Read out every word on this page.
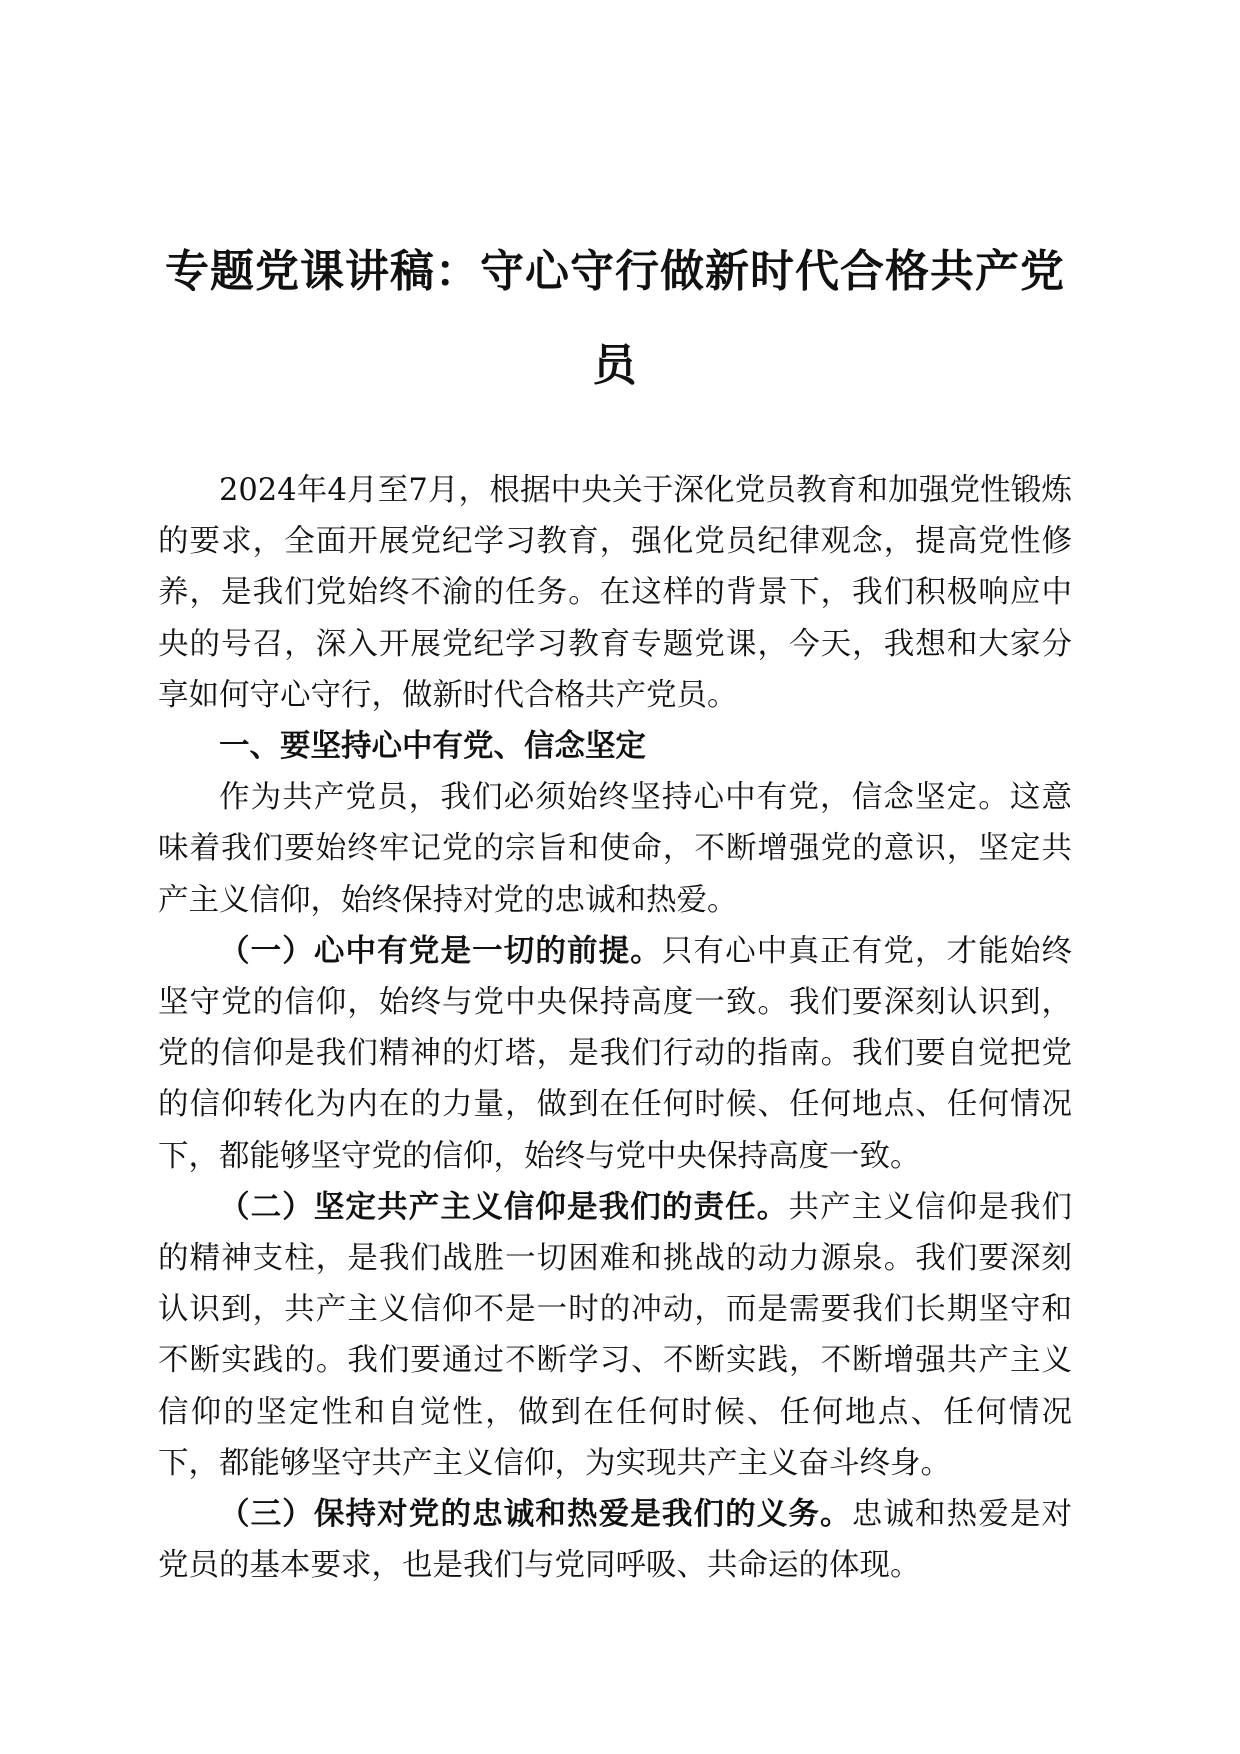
专题党课讲稿：守心守行做新时代合格共产党员

2024年4月至7月，根据中央关于深化党员教育和加强党性锻炼的要求，全面开展党纪学习教育，强化党员纪律观念，提高党性修养，是我们党始终不渝的任务。在这样的背景下，我们积极响应中央的号召，深入开展党纪学习教育专题党课，今天，我想和大家分享如何守心守行，做新时代合格共产党员。

一、要坚持心中有党、信念坚定

作为共产党员，我们必须始终坚持心中有党，信念坚定。这意味着我们要始终牢记党的宗旨和使命，不断增强党的意识，坚定共产主义信仰，始终保持对党的忠诚和热爱。

（一）心中有党是一切的前提。只有心中真正有党，才能始终坚守党的信仰，始终与党中央保持高度一致。我们要深刻认识到，党的信仰是我们精神的灯塔，是我们行动的指南。我们要自觉把党的信仰转化为内在的力量，做到在任何时候、任何地点、任何情况下，都能够坚守党的信仰，始终与党中央保持高度一致。

（二）坚定共产主义信仰是我们的责任。共产主义信仰是我们的精神支柱，是我们战胜一切困难和挑战的动力源泉。我们要深刻认识到，共产主义信仰不是一时的冲动，而是需要我们长期坚守和不断实践的。我们要通过不断学习、不断实践，不断增强共产主义信仰的坚定性和自觉性，做到在任何时候、任何地点、任何情况下，都能够坚守共产主义信仰，为实现共产主义奋斗终身。

（三）保持对党的忠诚和热爱是我们的义务。忠诚和热爱是对党员的基本要求，也是我们与党同呼吸、共命运的体现。
